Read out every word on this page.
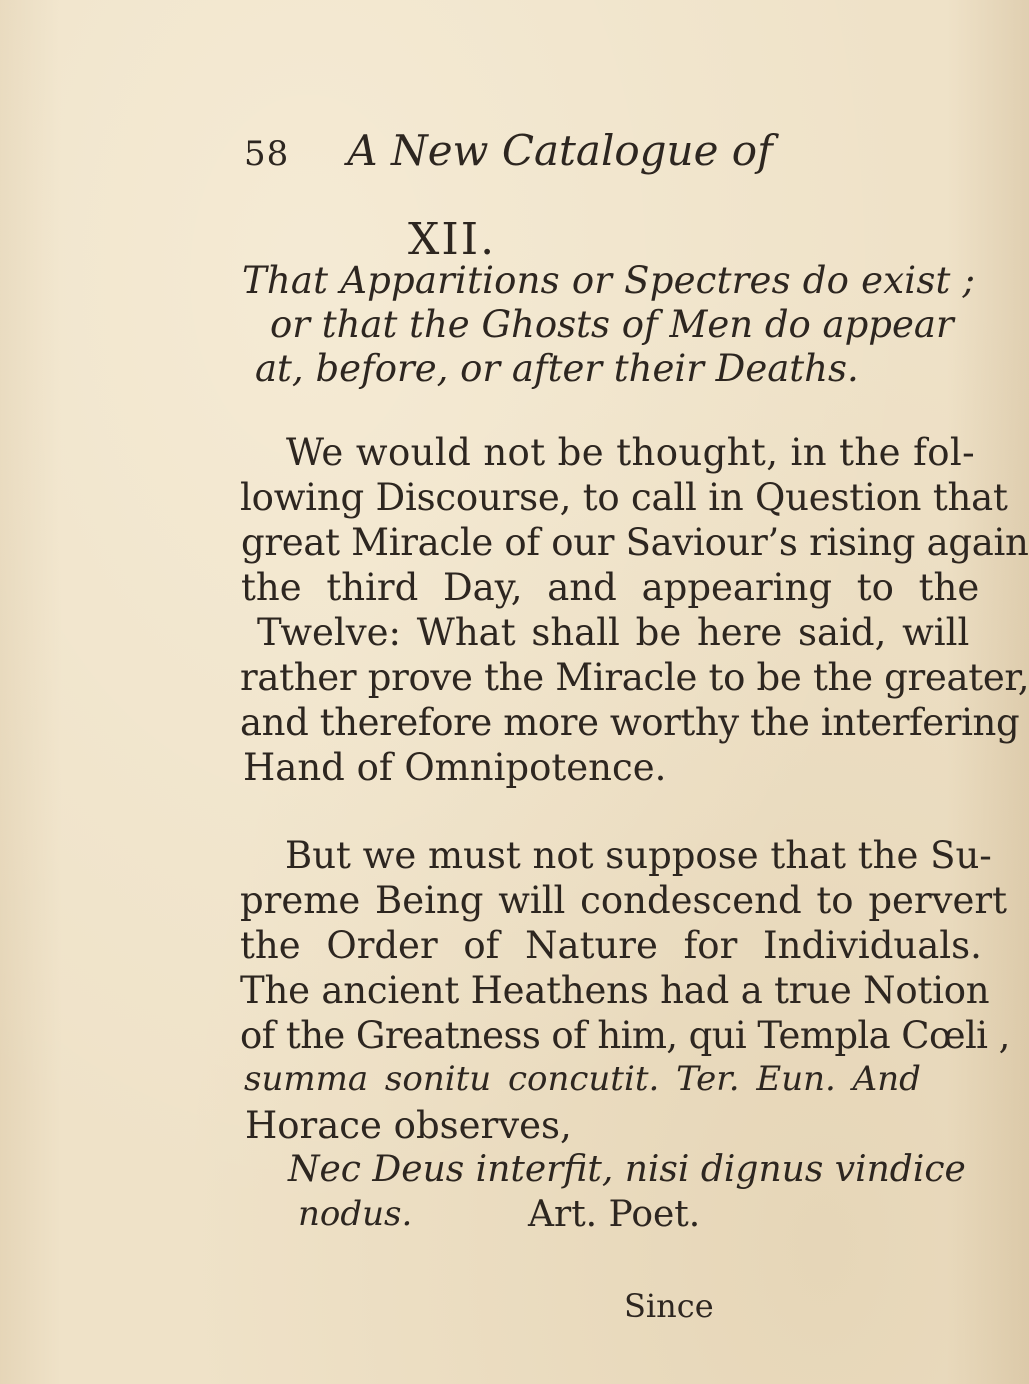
58 A New Catalogue of
XII.
That Apparitions or Spectres do exist ;
or that the Ghosts of Men do appear
at, before, or after their Deaths.
We would not be thought, in the fol-
lowing Discourse, to call in Question that
great Miracle of our Saviour’s rising again
the third Day, and appearing to the
Twelve: What shall be here said, will
rather prove the Miracle to be the greater,
and therefore more worthy the interfering
Hand of Omnipotence.
But we must not suppose that the Su-
preme Being will condescend to pervert
the Order of Nature for Individuals.
The ancient Heathens had a true Notion
of the Greatness of him, qui Templa Cœli ,
summa sonitu concutit. Ter. Eun. And
Horace observes,
Nec Deus interfit, nisi dignus vindice
nodus.	Art. Poet.
Since
